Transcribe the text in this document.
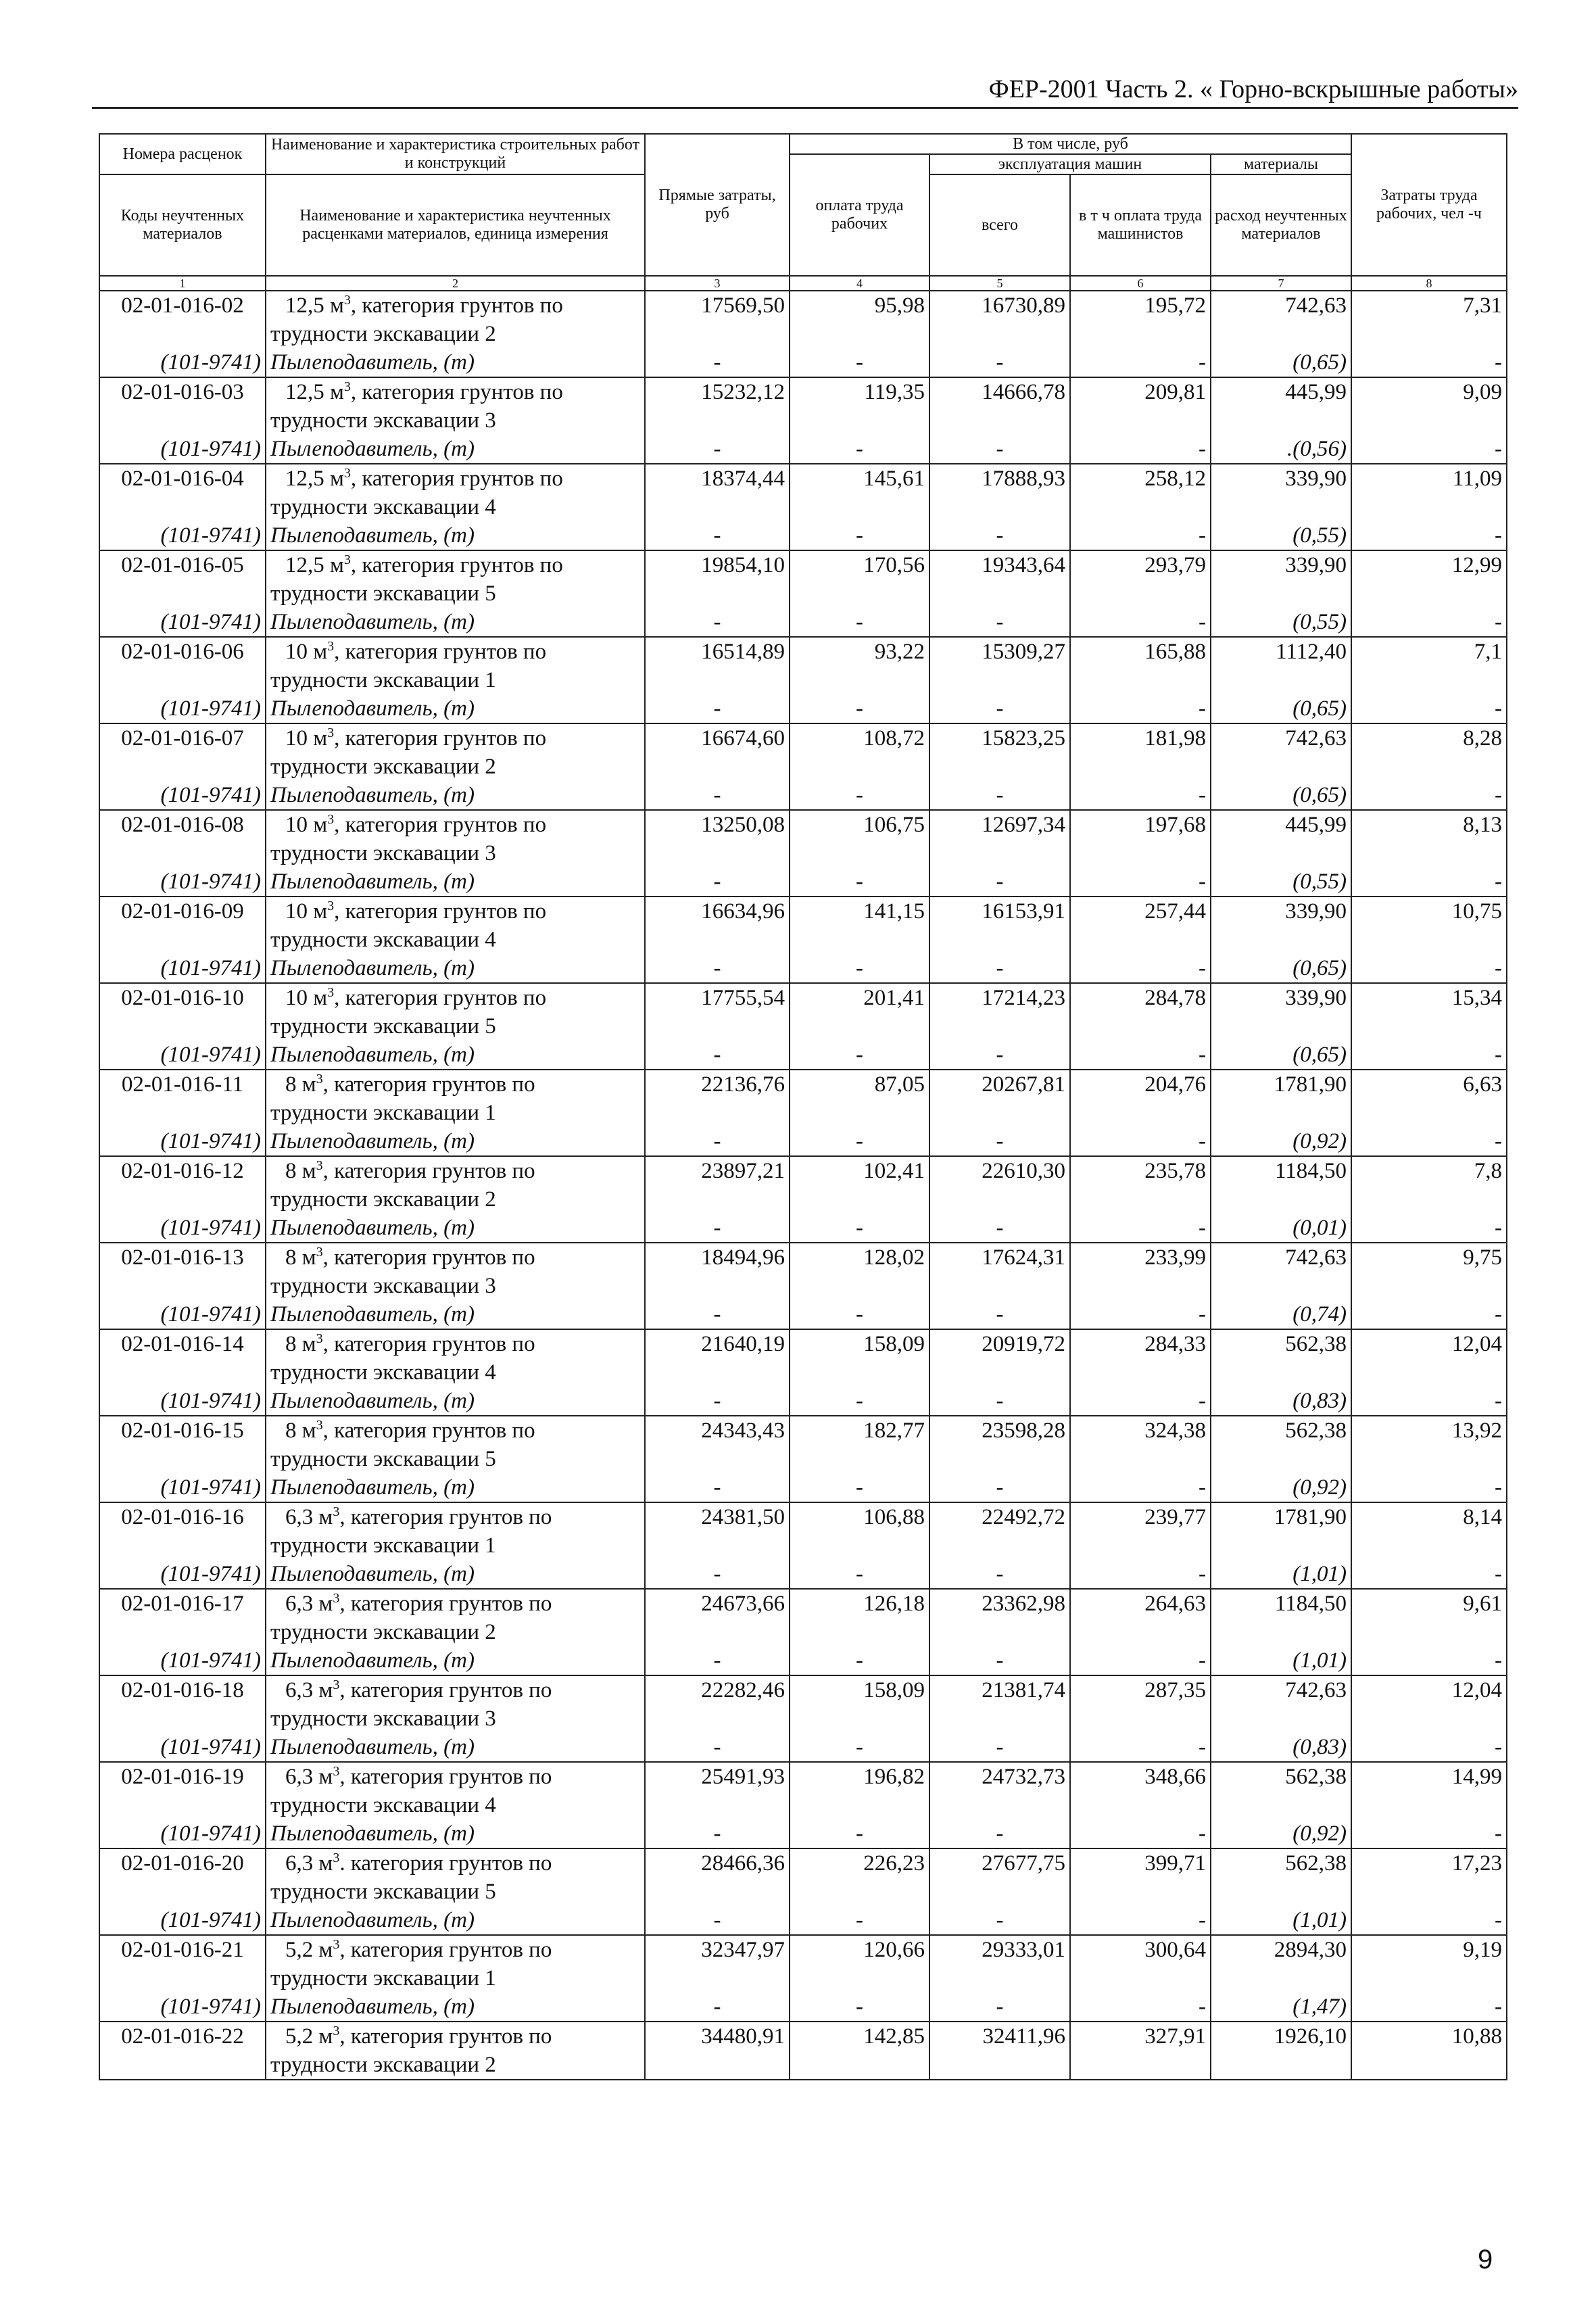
ФЕР-2001 Часть 2. « Горно-вскрышные работы»
Номера расценок	Наименование и характеристика строительных работ и конструкций	Прямые затраты, руб	В том числе, руб				Затраты труда рабочих, чел -ч
			оплата труда рабочих	эксплуатация машин		материалы	
Коды неучтенных материалов	Наименование и характеристика неучтенных расценками материалов, единица измерения			всего	в т ч оплата труда машинистов	расход неучтенных материалов	
1	2	3	4	5	6	7	8
02-01-016-02	12,5 $м^3$, категория грунтов по	17569,50	95,98	16730,89	195,72	742,63	7,31
	трудности экскавации 2						
(101-9741)	Пылеподавитель, (т)	-	-	-	-	(0,65)	-
02-01-016-03	12,5 $м^3$, категория грунтов по	15232,12	119,35	14666,78	209,81	445,99	9,09
	трудности экскавации 3						
(101-9741)	Пылеподавитель, (т)	-	-	-	-	.(0,56)	-
02-01-016-04	12,5 $м^3$, категория грунтов по	18374,44	145,61	17888,93	258,12	339,90	11,09
	трудности экскавации 4						
(101-9741)	Пылеподавитель, (т)	-	-	-	-	(0,55)	-
02-01-016-05	12,5 $м^3$, категория грунтов по	19854,10	170,56	19343,64	293,79	339,90	12,99
	трудности экскавации 5						
(101-9741)	Пылеподавитель, (т)	-	-	-	-	(0,55)	-
02-01-016-06	10 $м^3$, категория грунтов по	16514,89	93,22	15309,27	165,88	1112,40	7,1
	трудности экскавации 1						
(101-9741)	Пылеподавитель, (т)	-	-	-	-	(0,65)	-
02-01-016-07	10 $м^3$, категория грунтов по	16674,60	108,72	15823,25	181,98	742,63	8,28
	трудности экскавации 2						
(101-9741)	Пылеподавитель, (т)	-	-	-	-	(0,65)	-
02-01-016-08	10 $м^3$, категория грунтов по	13250,08	106,75	12697,34	197,68	445,99	8,13
	трудности экскавации 3						
(101-9741)	Пылеподавитель, (т)	-	-	-	-	(0,55)	-
02-01-016-09	10 $м^3$, категория грунтов по	16634,96	141,15	16153,91	257,44	339,90	10,75
	трудности экскавации 4						
(101-9741)	Пылеподавитель, (т)	-	-	-	-	(0,65)	-
02-01-016-10	10 $м^3$, категория грунтов по	17755,54	201,41	17214,23	284,78	339,90	15,34
	трудности экскавации 5						
(101-9741)	Пылеподавитель, (т)	-	-	-	-	(0,65)	-
02-01-016-11	8 $м^3$, категория грунтов по	22136,76	87,05	20267,81	204,76	1781,90	6,63
	трудности экскавации 1						
(101-9741)	Пылеподавитель, (т)	-	-	-	-	(0,92)	-
02-01-016-12	8 $м^3$, категория грунтов по	23897,21	102,41	22610,30	235,78	1184,50	7,8
	трудности экскавации 2						
(101-9741)	Пылеподавитель, (т)	-	-	-	-	(0,01)	-
02-01-016-13	8 $м^3$, категория грунтов по	18494,96	128,02	17624,31	233,99	742,63	9,75
	трудности экскавации 3						
(101-9741)	Пылеподавитель, (т)	-	-	-	-	(0,74)	-
02-01-016-14	8 $м^3$, категория грунтов по	21640,19	158,09	20919,72	284,33	562,38	12,04
	трудности экскавации 4						
(101-9741)	Пылеподавитель, (т)	-	-	-	-	(0,83)	-
02-01-016-15	8 $м^3$, категория грунтов по	24343,43	182,77	23598,28	324,38	562,38	13,92
	трудности экскавации 5						
(101-9741)	Пылеподавитель, (т)	-	-	-	-	(0,92)	-
02-01-016-16	6,3 $м^3$, категория грунтов по	24381,50	106,88	22492,72	239,77	1781,90	8,14
	трудности экскавации 1						
(101-9741)	Пылеподавитель, (т)	-	-	-	-	(1,01)	-
02-01-016-17	6,3 $м^3$, категория грунтов по	24673,66	126,18	23362,98	264,63	1184,50	9,61
	трудности экскавации 2						
(101-9741)	Пылеподавитель, (т)	-	-	-	-	(1,01)	-
02-01-016-18	6,3 $м^3$, категория грунтов по	22282,46	158,09	21381,74	287,35	742,63	12,04
	трудности экскавации 3						
(101-9741)	Пылеподавитель, (т)	-	-	-	-	(0,83)	-
02-01-016-19	6,3 $м^3$, категория грунтов по	25491,93	196,82	24732,73	348,66	562,38	14,99
	трудности экскавации 4						
(101-9741)	Пылеподавитель, (т)	-	-	-	-	(0,92)	-
02-01-016-20	6,3 $м^3$. категория грунтов по	28466,36	226,23	27677,75	399,71	562,38	17,23
	трудности экскавации 5						
(101-9741)	Пылеподавитель, (т)	-	-	-	-	(1,01)	-
02-01-016-21	5,2 $м^3$, категория грунтов по	32347,97	120,66	29333,01	300,64	2894,30	9,19
	трудности экскавации 1						
(101-9741)	Пылеподавитель, (т)	-	-	-	-	(1,47)	-
02-01-016-22	5,2 $м^3$, категория грунтов по	34480,91	142,85	32411,96	327,91	1926,10	10,88
	трудности экскавации 2						
9
